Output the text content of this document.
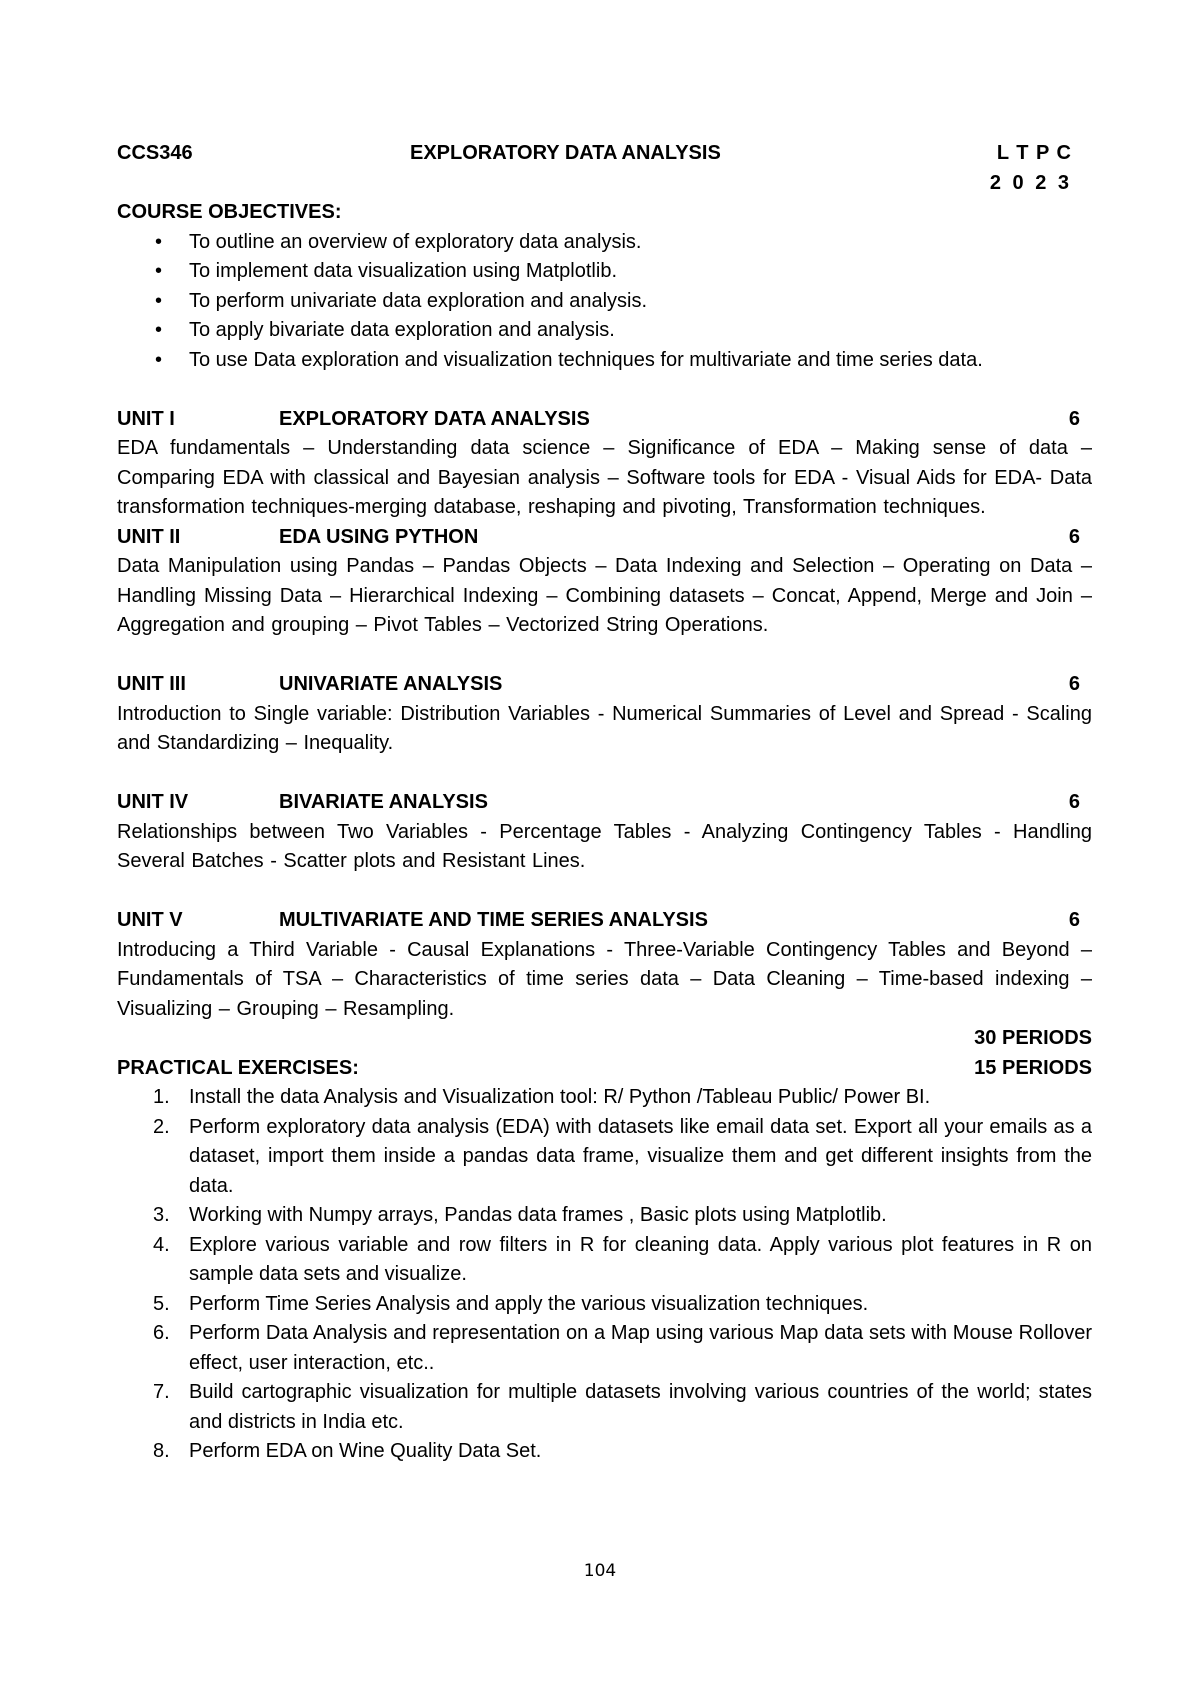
CCS346	EXPLORATORY DATA ANALYSIS	L T P C
2 0 2 3
COURSE OBJECTIVES:
• To outline an overview of exploratory data analysis.
• To implement data visualization using Matplotlib.
• To perform univariate data exploration and analysis.
• To apply bivariate data exploration and analysis.
• To use Data exploration and visualization techniques for multivariate and time series data.
UNIT I	EXPLORATORY DATA ANALYSIS	6
EDA fundamentals – Understanding data science – Significance of EDA – Making sense of data – Comparing EDA with classical and Bayesian analysis – Software tools for EDA - Visual Aids for EDA- Data transformation techniques-merging database, reshaping and pivoting, Transformation techniques.
UNIT II	EDA USING PYTHON	6
Data Manipulation using Pandas – Pandas Objects – Data Indexing and Selection – Operating on Data – Handling Missing Data – Hierarchical Indexing – Combining datasets – Concat, Append, Merge and Join – Aggregation and grouping – Pivot Tables – Vectorized String Operations.
UNIT III	UNIVARIATE ANALYSIS	6
Introduction to Single variable: Distribution Variables - Numerical Summaries of Level and Spread - Scaling and Standardizing – Inequality.
UNIT IV	BIVARIATE ANALYSIS	6
Relationships between Two Variables - Percentage Tables - Analyzing Contingency Tables - Handling Several Batches - Scatter plots and Resistant Lines.
UNIT V	MULTIVARIATE AND TIME SERIES ANALYSIS	6
Introducing a Third Variable - Causal Explanations - Three-Variable Contingency Tables and Beyond – Fundamentals of TSA – Characteristics of time series data – Data Cleaning – Time-based indexing – Visualizing – Grouping – Resampling.
30 PERIODS
PRACTICAL EXERCISES:	15 PERIODS
1. Install the data Analysis and Visualization tool: R/ Python /Tableau Public/ Power BI.
2. Perform exploratory data analysis (EDA) with datasets like email data set. Export all your emails as a dataset, import them inside a pandas data frame, visualize them and get different insights from the data.
3. Working with Numpy arrays, Pandas data frames , Basic plots using Matplotlib.
4. Explore various variable and row filters in R for cleaning data. Apply various plot features in R on sample data sets and visualize.
5. Perform Time Series Analysis and apply the various visualization techniques.
6. Perform Data Analysis and representation on a Map using various Map data sets with Mouse Rollover effect, user interaction, etc..
7. Build cartographic visualization for multiple datasets involving various countries of the world; states and districts in India etc.
8. Perform EDA on Wine Quality Data Set.
104
